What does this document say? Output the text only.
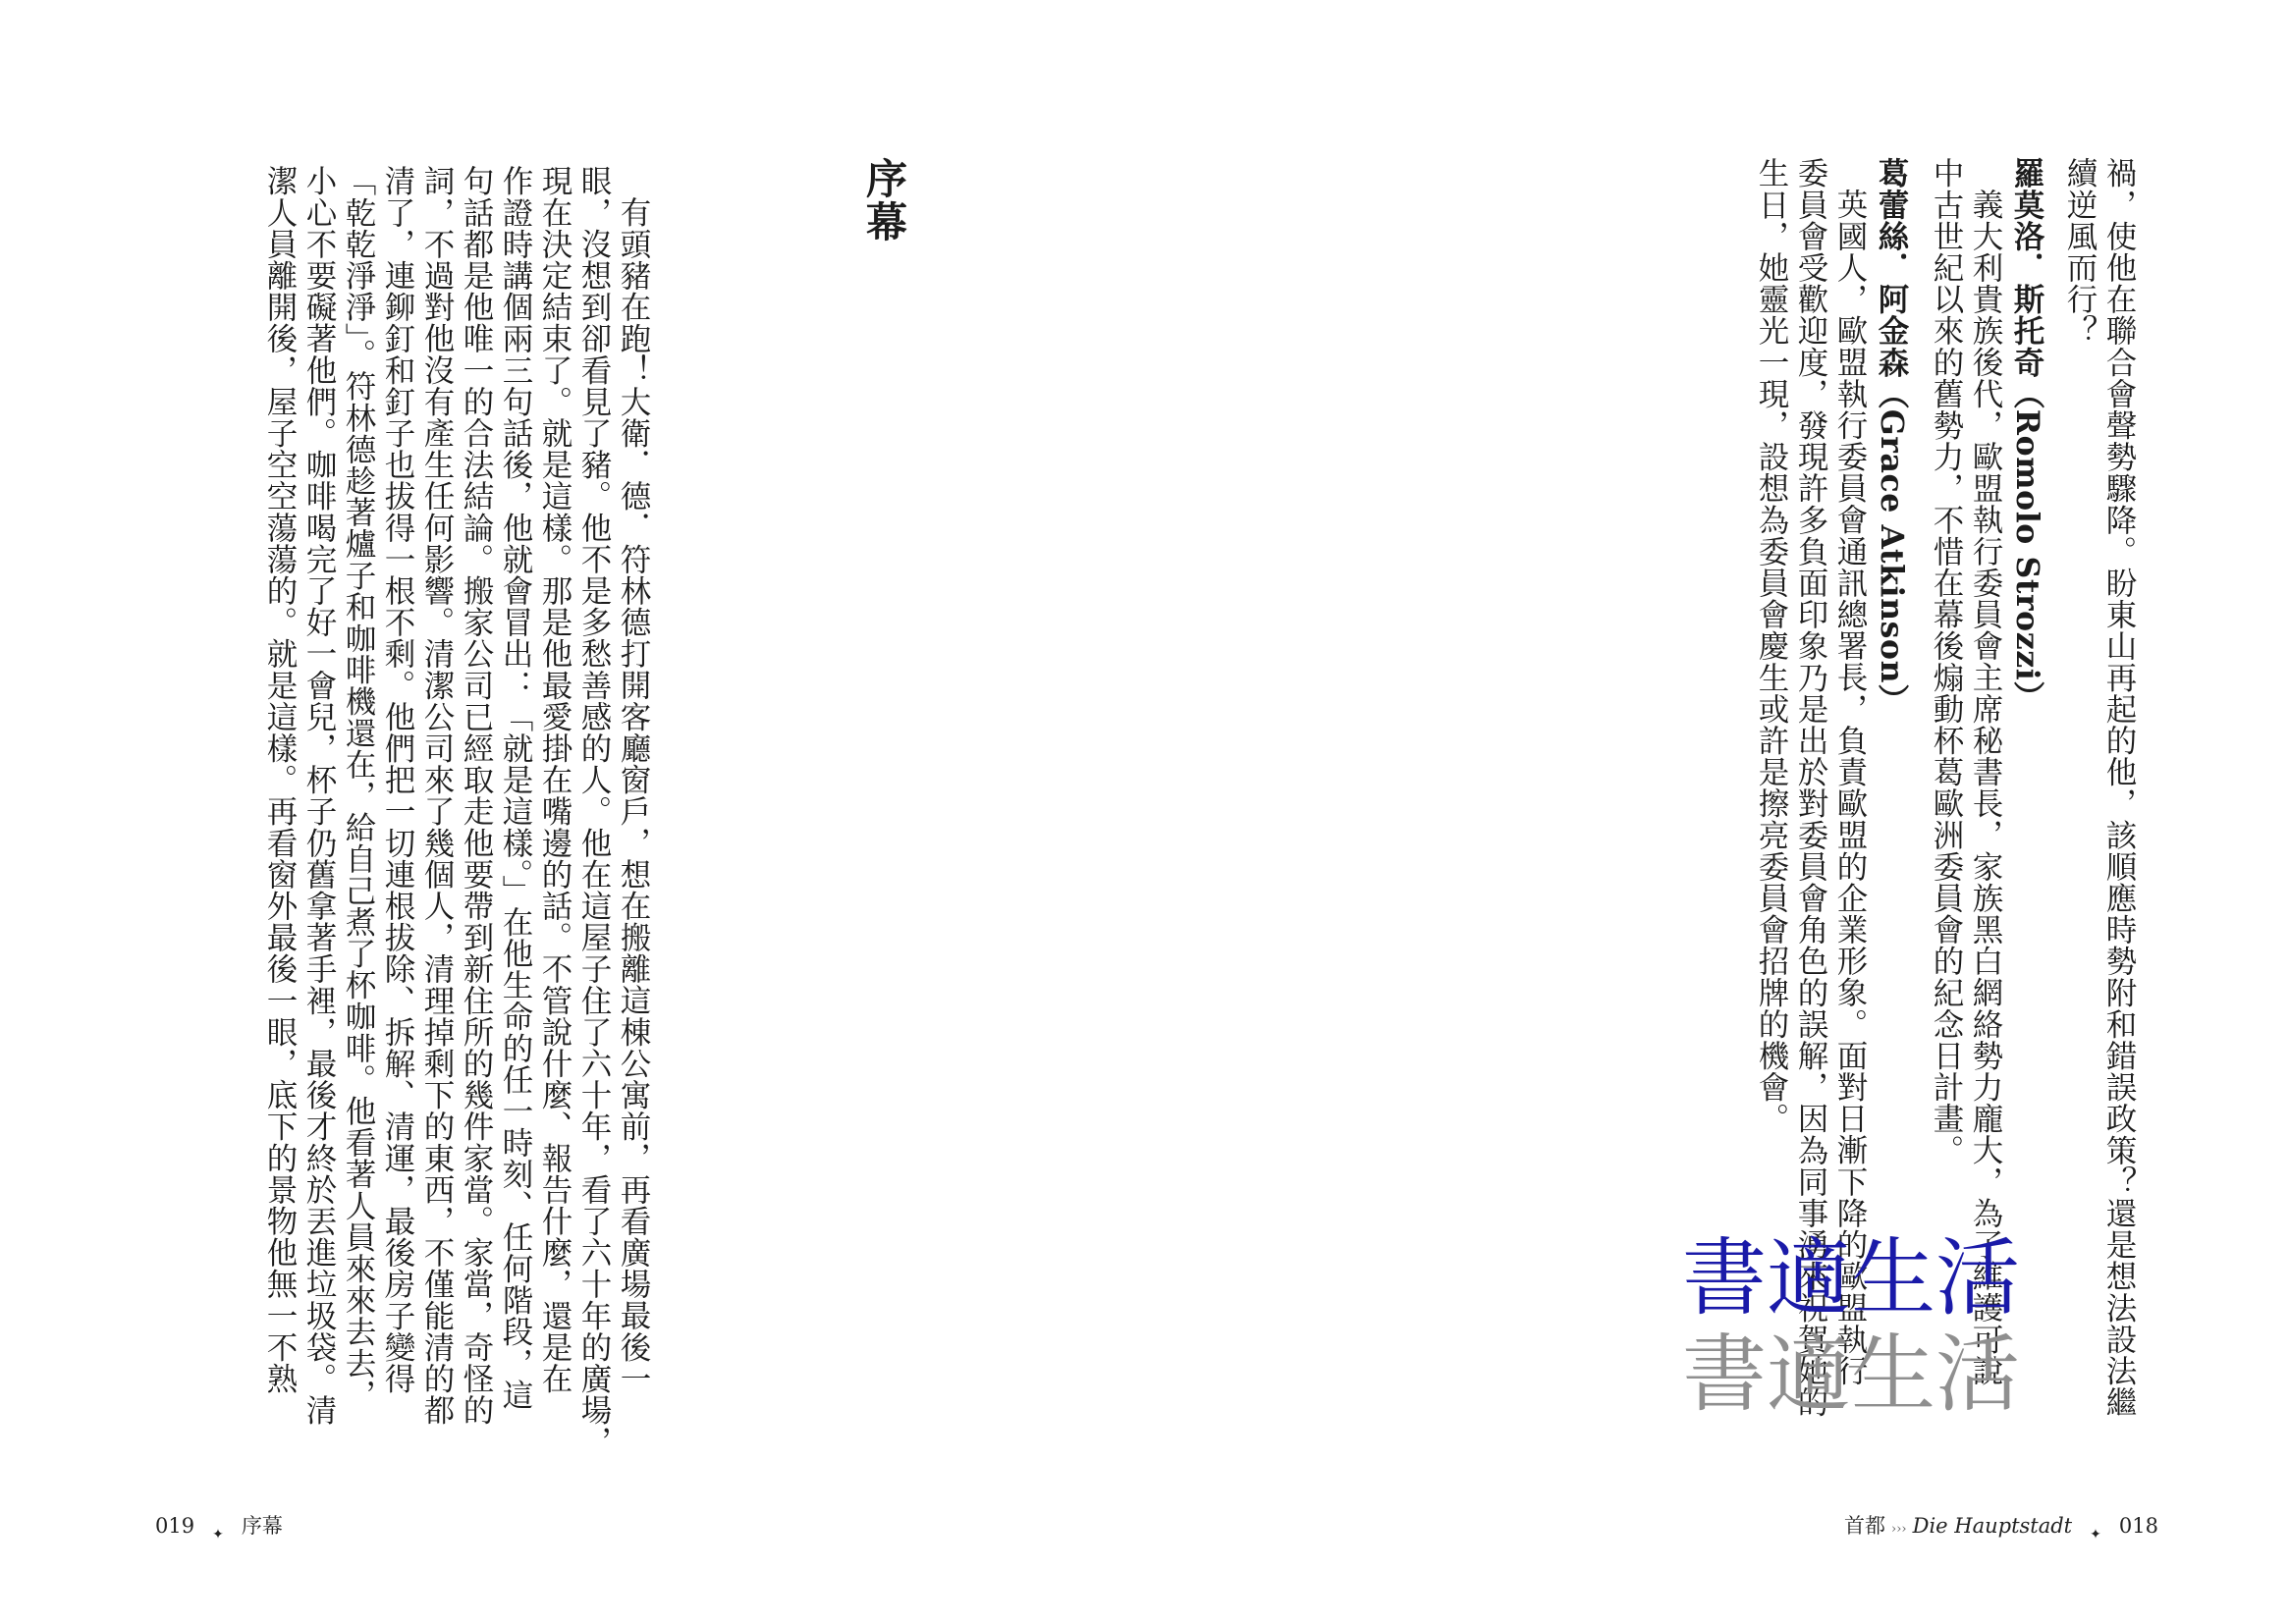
序幕
有頭豬在跑！大衛．德．符林德打開客廳窗戶，想在搬離這棟公寓前，再看廣場最後一
眼，沒想到卻看見了豬。他不是多愁善感的人。他在這屋子住了六十年，看了六十年的廣場，
現在決定結束了。就是這樣。那是他最愛掛在嘴邊的話。不管說什麼、報告什麼，還是在
作證時講個兩三句話後，他就會冒出：「就是這樣。」在他生命的任一時刻、任何階段，這
句話都是他唯一的合法結論。搬家公司已經取走他要帶到新住所的幾件家當。家當，奇怪的
詞，不過對他沒有產生任何影響。清潔公司來了幾個人，清理掉剩下的東西，不僅能清的都
清了，連鉚釘和釘子也拔得一根不剩。他們把一切連根拔除、拆解、清運，最後房子變得
「乾乾淨淨」。符林德趁著爐子和咖啡機還在，給自己煮了杯咖啡。他看著人員來來去去，
小心不要礙著他們。咖啡喝完了好一會兒，杯子仍舊拿著手裡，最後才終於丟進垃圾袋。清
潔人員離開後，屋子空空蕩蕩的。就是這樣。再看窗外最後一眼，底下的景物他無一不熟
019 ✦ 序幕
禍，使他在聯合會聲勢驟降。盼東山再起的他，該順應時勢附和錯誤政策？還是想法設法繼
續逆風而行？
羅莫洛．斯托奇（Romolo Strozzi）
義大利貴族後代，歐盟執行委員會主席秘書長，家族黑白網絡勢力龐大，為了維護可說
中古世紀以來的舊勢力，不惜在幕後煽動杯葛歐洲委員會的紀念日計畫。
葛蕾絲．阿金森（Grace Atkinson）
英國人，歐盟執行委員會通訊總署長，負責歐盟的企業形象。面對日漸下降的歐盟執行
委員會受歡迎度，發現許多負面印象乃是出於對委員會角色的誤解，因為同事湧來祝賀她的
生日，她靈光一現，設想為委員會慶生或許是擦亮委員會招牌的機會。
首都 ››› Die Hauptstadt ✦ 018
書適生活
書適生活
